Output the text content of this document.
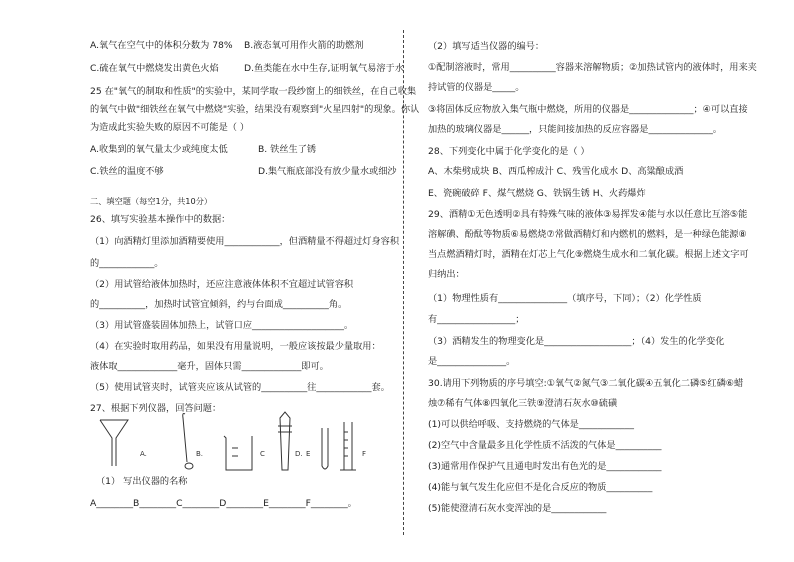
A.氧气在空气中的体积分数为 78% B.液态氧可用作火箭的助燃剂
C.硫在氧气中燃烧发出黄色火焰	D.鱼类能在水中生存,证明氧气易溶于水
25 在"氧气的制取和性质"的实验中，某同学取一段纱窗上的细铁丝，在自己收集
的氧气中做"细铁丝在氧气中燃烧"实验，结果没有观察到"火星四射"的现象。你认
为造成此实验失败的原因不可能是（ ）
A.收集到的氧气量太少或纯度太低	B. 铁丝生了锈
C.铁丝的温度不够	D.集气瓶底部没有放少量水或细沙
二、填空题（每空1分，共10分）
26、填写实验基本操作中的数据：
（1）向酒精灯里添加酒精要使用____________，但酒精量不得超过灯身容积
的____________。
（2）用试管给液体加热时，还应注意液体体积不宜超过试管容积
的__________，加热时试管宜倾斜，约与台面成__________角。
（3）用试管盛装固体加热上，试管口应____________________。
（4）在实验时取用药品，如果没有用量说明，一般应该按最少量取用：
液体取_____________毫升，固体只需_____________即可。
（5）使用试管夹时，试管夹应该从试管的__________往____________套。
27、根据下列仪器，回答问题：
A.	B.	C	D. E	F
（1） 写出仪器的名称
A________B________C________D________E________F________。
（2）填写适当仪器的编号：
①配制溶液时，常用__________容器来溶解物质；②加热试管内的液体时，用来夹
持试管的仪器是_____。
③将固体反应物放入集气瓶中燃烧，所用的仪器是______________；④可以直接
加热的玻璃仪器是______，只能间接加热的反应容器是______________。
28、下列变化中属于化学变化的是（ ）
A、木柴劈成块 B、西瓜榨成汁 C、残雪化成水 D、高粱酿成酒
E、瓷碗破碎 F、煤气燃烧 G、铁锅生锈 H、火药爆炸
29、酒精①无色透明②具有特殊气味的液体③易挥发④能与水以任意比互溶⑤能
溶解碘、酚酞等物质⑥易燃烧⑦常做酒精灯和内燃机的燃料，是一种绿色能源⑧
当点燃酒精灯时，酒精在灯芯上气化⑨燃烧生成水和二氧化碳。根据上述文字可
归纳出：
（1）物理性质有_______________（填序号，下同）；（2）化学性质
有_________________；
（3）酒精发生的物理变化是___________________；（4）发生的化学变化
是_______________。
30.请用下列物质的序号填空:①氧气②氮气③二氧化碳④五氧化二磷⑤红磷⑥蜡
烛⑦稀有气体⑧四氧化三铁⑨澄清石灰水⑩硫磺
(1)可以供给呼吸、支持燃烧的气体是____________
(2)空气中含量最多且化学性质不活泼的气体是__________
(3)通常用作保护气且通电时发出有色光的是____________
(4)能与氧气发生化应但不是化合反应的物质__________
(5)能使澄清石灰水变浑浊的是____________
